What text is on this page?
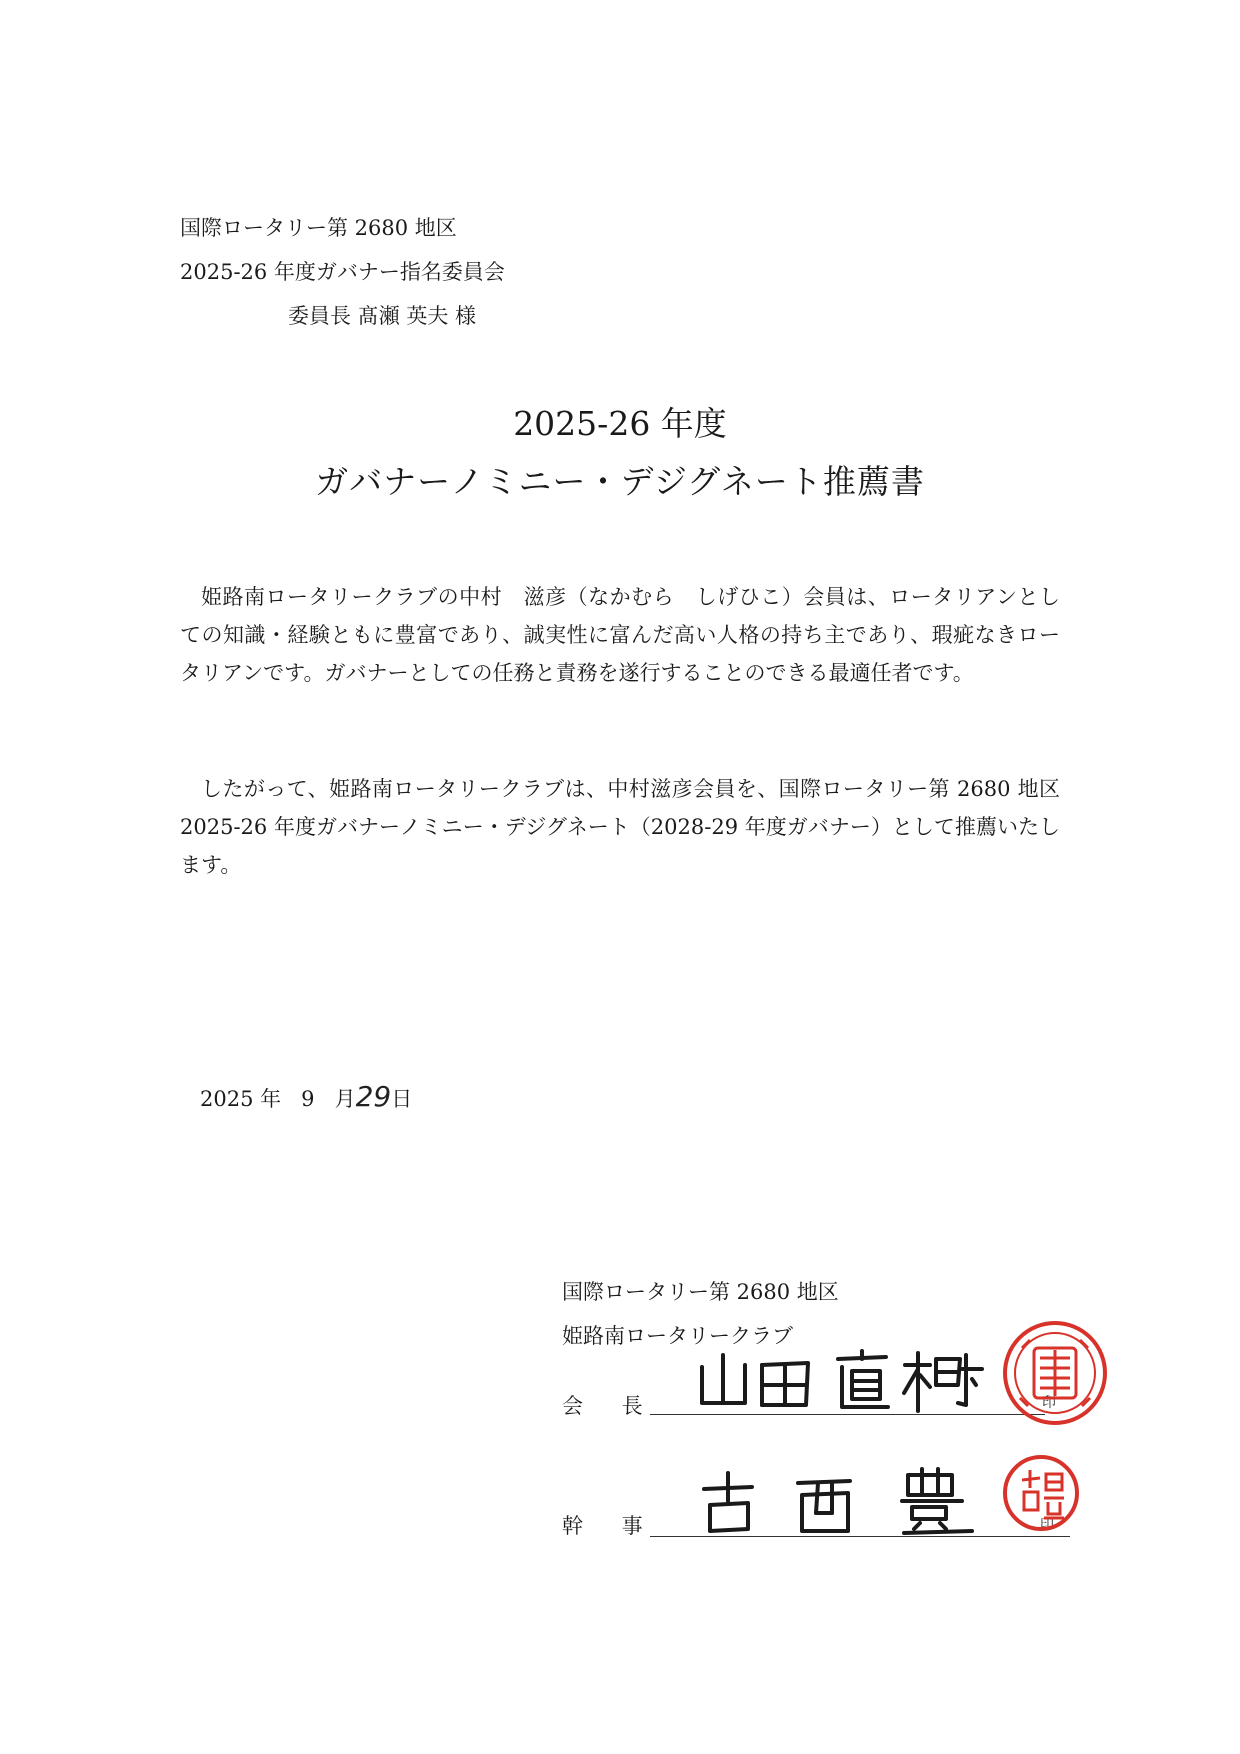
国際ロータリー第 2680 地区
2025-26 年度ガバナー指名委員会
委員長 髙瀬 英夫 様
2025-26 年度
ガバナーノミニー・デジグネート推薦書

姫路南ロータリークラブの中村　滋彦（なかむら　しげひこ）会員は、ロータリアンとしての知識・経験ともに豊富であり、誠実性に富んだ高い人格の持ち主であり、瑕疵なきロータリアンです。ガバナーとしての任務と責務を遂行することのできる最適任者です。

したがって、姫路南ロータリークラブは、中村滋彦会員を、国際ロータリー第 2680 地区 2025-26 年度ガバナーノミニー・デジグネート（2028-29 年度ガバナー）として推薦いたします。

2025 年 9 月29日
国際ロータリー第 2680 地区
姫路南ロータリークラブ
会 長	印
幹 事	印
